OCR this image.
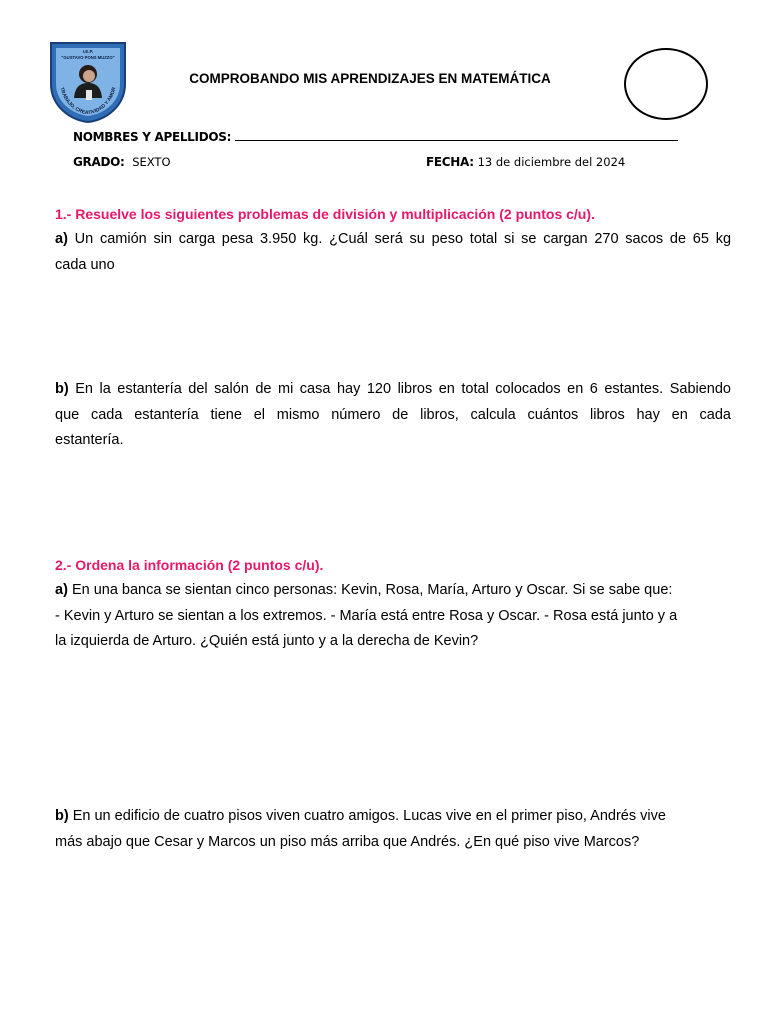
I.E.P.
"GUSTAVO PONS MUZZO"
TRABAJO, CREATIVIDAD Y AMOR
COMPROBANDO MIS APRENDIZAJES EN MATEMÁTICA
NOMBRES Y APELLIDOS:
GRADO: SEXTO	FECHA: 13 de diciembre del 2024

1.- Resuelve los siguientes problemas de división y multiplicación (2 puntos c/u).

a) Un camión sin carga pesa 3.950 kg. ¿Cuál será su peso total si se cargan 270 sacos de 65 kg
cada uno
b) En la estantería del salón de mi casa hay 120 libros en total colocados en 6 estantes. Sabiendo
que cada estantería tiene el mismo número de libros, calcula cuántos libros hay en cada
estantería.

2.- Ordena la información (2 puntos c/u).

a) En una banca se sientan cinco personas: Kevin, Rosa, María, Arturo y Oscar. Si se sabe que:
- Kevin y Arturo se sientan a los extremos. - María está entre Rosa y Oscar. - Rosa está junto y a
la izquierda de Arturo. ¿Quién está junto y a la derecha de Kevin?
b) En un edificio de cuatro pisos viven cuatro amigos. Lucas vive en el primer piso, Andrés vive
más abajo que Cesar y Marcos un piso más arriba que Andrés. ¿En qué piso vive Marcos?
